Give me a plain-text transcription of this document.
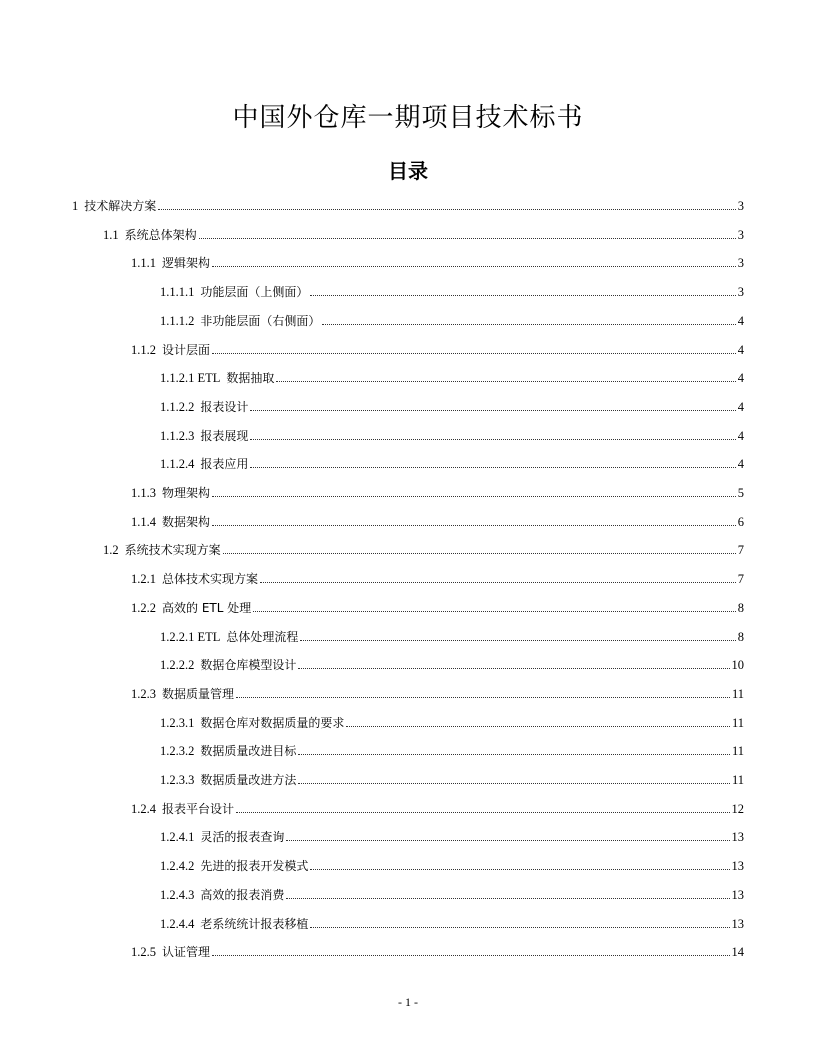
中国外仓库一期项目技术标书
目录
1 技术解决方案	3
1.1 系统总体架构	3
1.1.1 逻辑架构	3
1.1.1.1 功能层面（上侧面）	3
1.1.1.2 非功能层面（右侧面）	4
1.1.2 设计层面	4
1.1.2.1 ETL 数据抽取	4
1.1.2.2 报表设计	4
1.1.2.3 报表展现	4
1.1.2.4 报表应用	4
1.1.3 物理架构	5
1.1.4 数据架构	6
1.2 系统技术实现方案	7
1.2.1 总体技术实现方案	7
1.2.2 高效的 ETL 处理	8
1.2.2.1 ETL 总体处理流程	8
1.2.2.2 数据仓库模型设计	10
1.2.3 数据质量管理	11
1.2.3.1 数据仓库对数据质量的要求	11
1.2.3.2 数据质量改进目标	11
1.2.3.3 数据质量改进方法	11
1.2.4 报表平台设计	12
1.2.4.1 灵活的报表查询	13
1.2.4.2 先进的报表开发模式	13
1.2.4.3 高效的报表消费	13
1.2.4.4 老系统统计报表移植	13
1.2.5 认证管理	14
- 1 -
